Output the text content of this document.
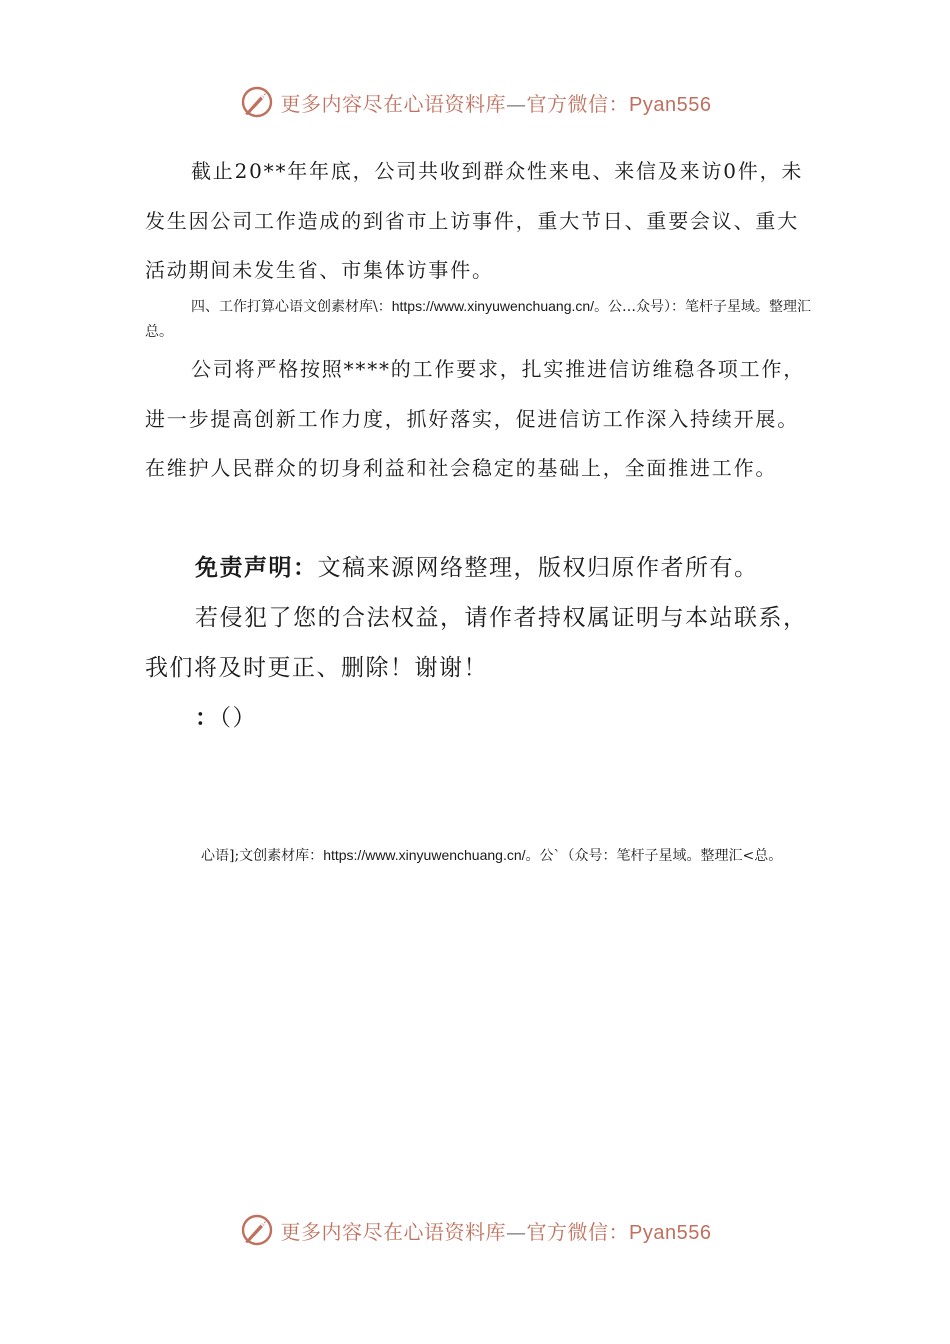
更多内容尽在心语资料库—官方微信：Pyan556

截止20**年年底，公司共收到群众性来电、来信及来访0件，未发生因公司工作造成的到省市上访事件，重大节日、重要会议、重大活动期间未发生省、市集体访事件。

四、工作打算心语文创素材库\：https://www.xinyuwenchuang.cn/。公…众号）：笔杆子星域。整理汇总。

公司将严格按照****的工作要求，扎实推进信访维稳各项工作，进一步提高创新工作力度，抓好落实，促进信访工作深入持续开展。在维护人民群众的切身利益和社会稳定的基础上，全面推进工作。

免责声明：文稿来源网络整理，版权归原作者所有。

若侵犯了您的合法权益，请作者持权属证明与本站联系，我们将及时更正、删除！谢谢！

：（）

心语];文创素材库：https://www.xinyuwenchuang.cn/。公`（众号：笔杆子星域。整理汇<总。

更多内容尽在心语资料库—官方微信：Pyan556
